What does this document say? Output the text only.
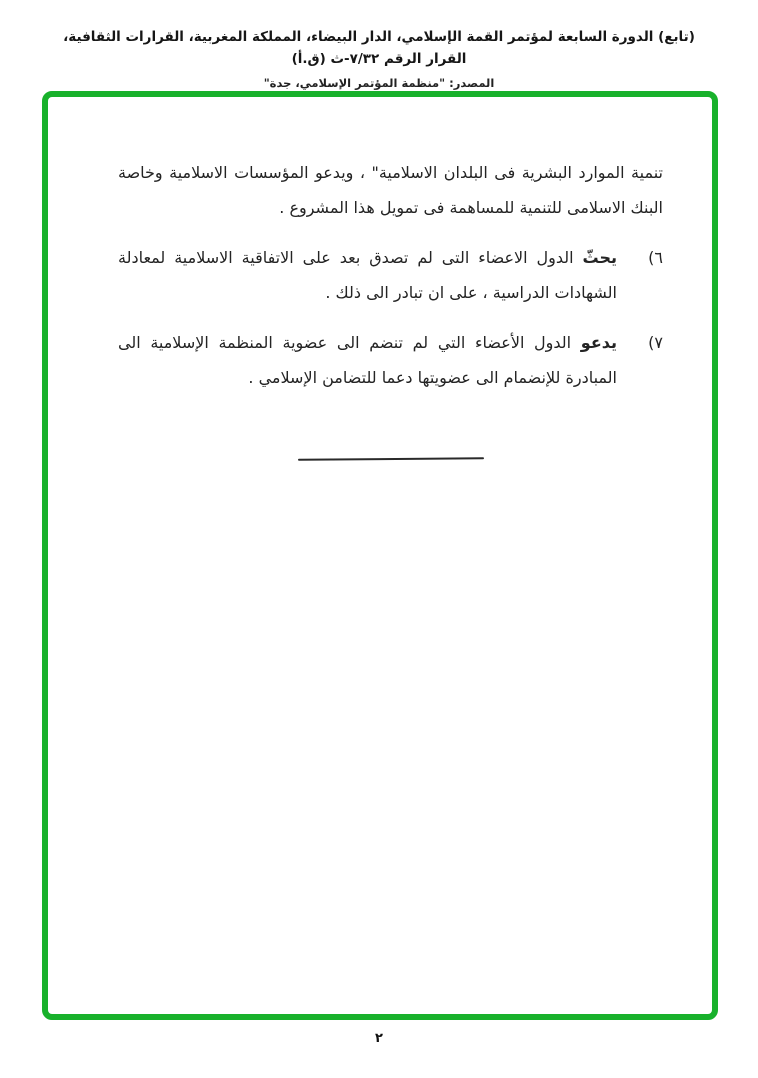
(تابع) الدورة السابعة لمؤتمر القمة الإسلامي، الدار البيضاء، المملكة المغربية، القرارات الثقافية، القرار الرقم ٧/٣٢-ث (ق.أ)
المصدر: "منظمة المؤتمر الإسلامي، جدة"

تنمية الموارد البشرية فى البلدان الاسلامية" ، ويدعو المؤسسات الاسلامية وخاصة البنك الاسلامى للتنمية للمساهمة فى تمويل هذا المشروع .

٦)
يحثّ الدول الاعضاء التى لم تصدق بعد على الاتفاقية الاسلامية لمعادلة الشهادات الدراسية ، على ان تبادر الى ذلك .
٧)
يدعو الدول الأعضاء التي لم تنضم الى عضوية المنظمة الإسلامية الى المبادرة للإنضمام الى عضويتها دعما للتضامن الإسلامي .
٢
